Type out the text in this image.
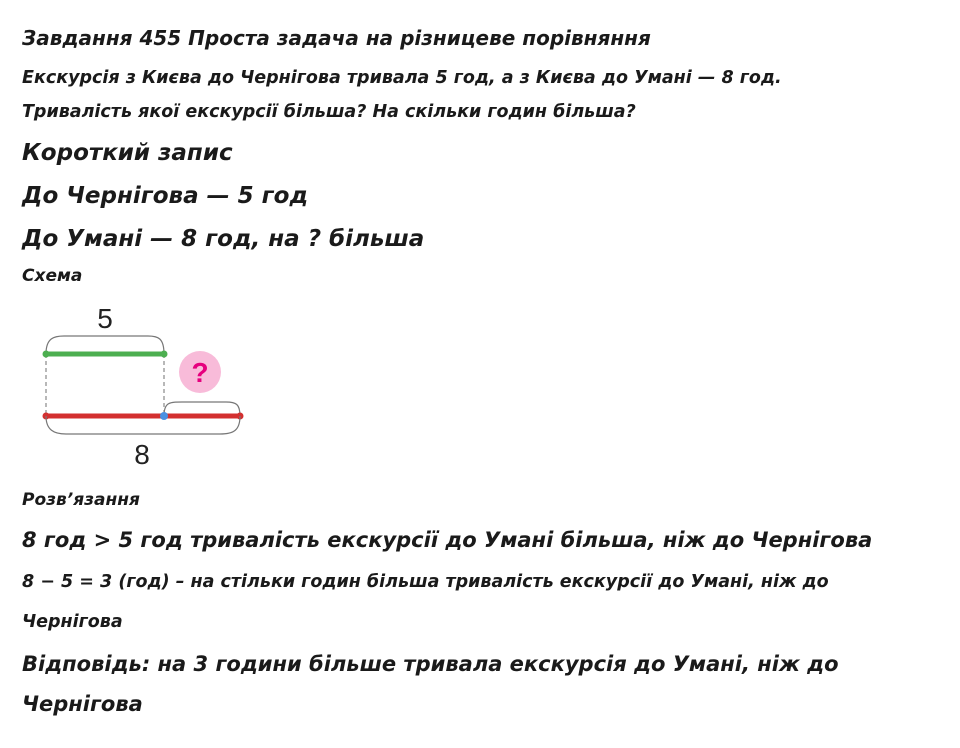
Завдання 455 Проста задача на різницеве порівняння
Екскурсія з Києва до Чернігова тривала 5 год, а з Києва до Умані — 8 год.
Тривалість якої екскурсії більша? На скільки годин більша?
Короткий запис
До Чернігова — 5 год
До Умані — 8 год, на ? більша
Схема
5
?
8
Розв’язання
8 год > 5 год тривалість екскурсії до Умані більша, ніж до Чернігова
8 − 5 = 3 (год) – на стільки годин більша тривалість екскурсії до Умані, ніж до
Чернігова
Відповідь: на 3 години більше тривала екскурсія до Умані, ніж до
Чернігова
